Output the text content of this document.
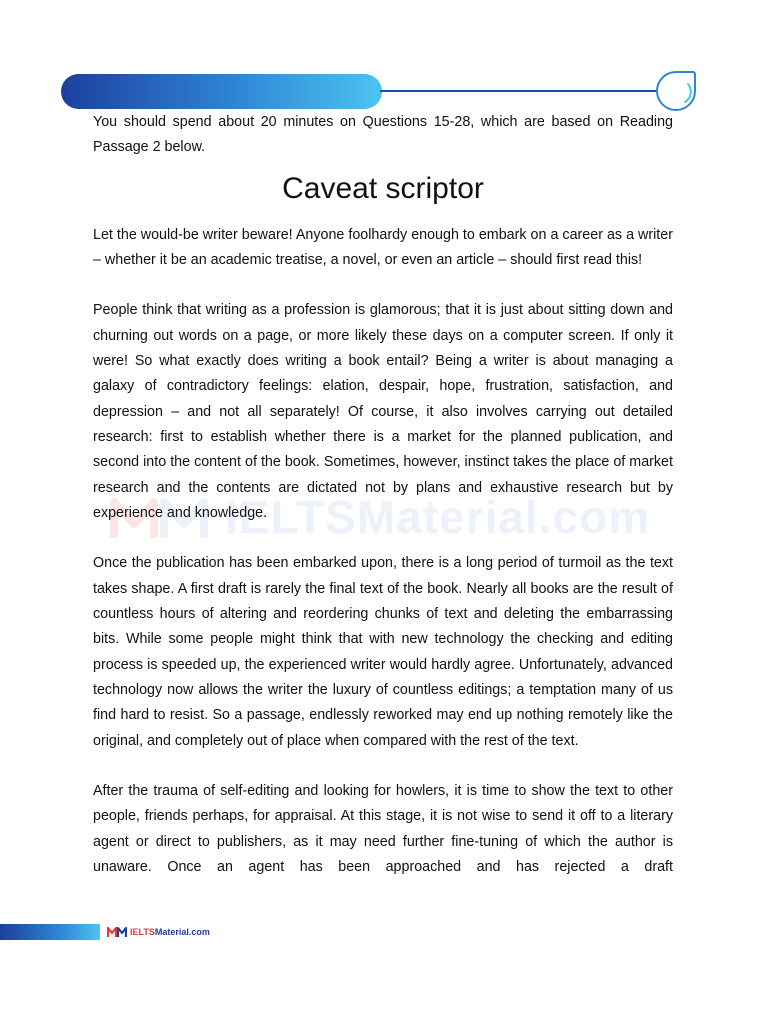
IELTSMaterial.com

You should spend about 20 minutes on Questions 15-28, which are based on Reading Passage 2 below.

Caveat scriptor

Let the would-be writer beware! Anyone foolhardy enough to embark on a career as a writer – whether it be an academic treatise, a novel, or even an article – should first read this!

People think that writing as a profession is glamorous; that it is just about sitting down and churning out words on a page, or more likely these days on a computer screen. If only it were! So what exactly does writing a book entail? Being a writer is about managing a galaxy of contradictory feelings: elation, despair, hope, frustration, satisfaction, and depression – and not all separately! Of course, it also involves carrying out detailed research: first to establish whether there is a market for the planned publication, and second into the content of the book. Sometimes, however, instinct takes the place of market research and the contents are dictated not by plans and exhaustive research but by experience and knowledge.

Once the publication has been embarked upon, there is a long period of turmoil as the text takes shape. A first draft is rarely the final text of the book. Nearly all books are the result of countless hours of altering and reordering chunks of text and deleting the embarrassing bits. While some people might think that with new technology the checking and editing process is speeded up, the experienced writer would hardly agree. Unfortunately, advanced technology now allows the writer the luxury of countless editings; a temptation many of us find hard to resist. So a passage, endlessly reworked may end up nothing remotely like the original, and completely out of place when compared with the rest of the text.

After the trauma of self-editing and looking for howlers, it is time to show the text to other people, friends perhaps, for appraisal. At this stage, it is not wise to send it off to a literary agent or direct to publishers, as it may need further fine-tuning of which the author is unaware. Once an agent has been approached and has rejected a draft

IELTSMaterial.com
